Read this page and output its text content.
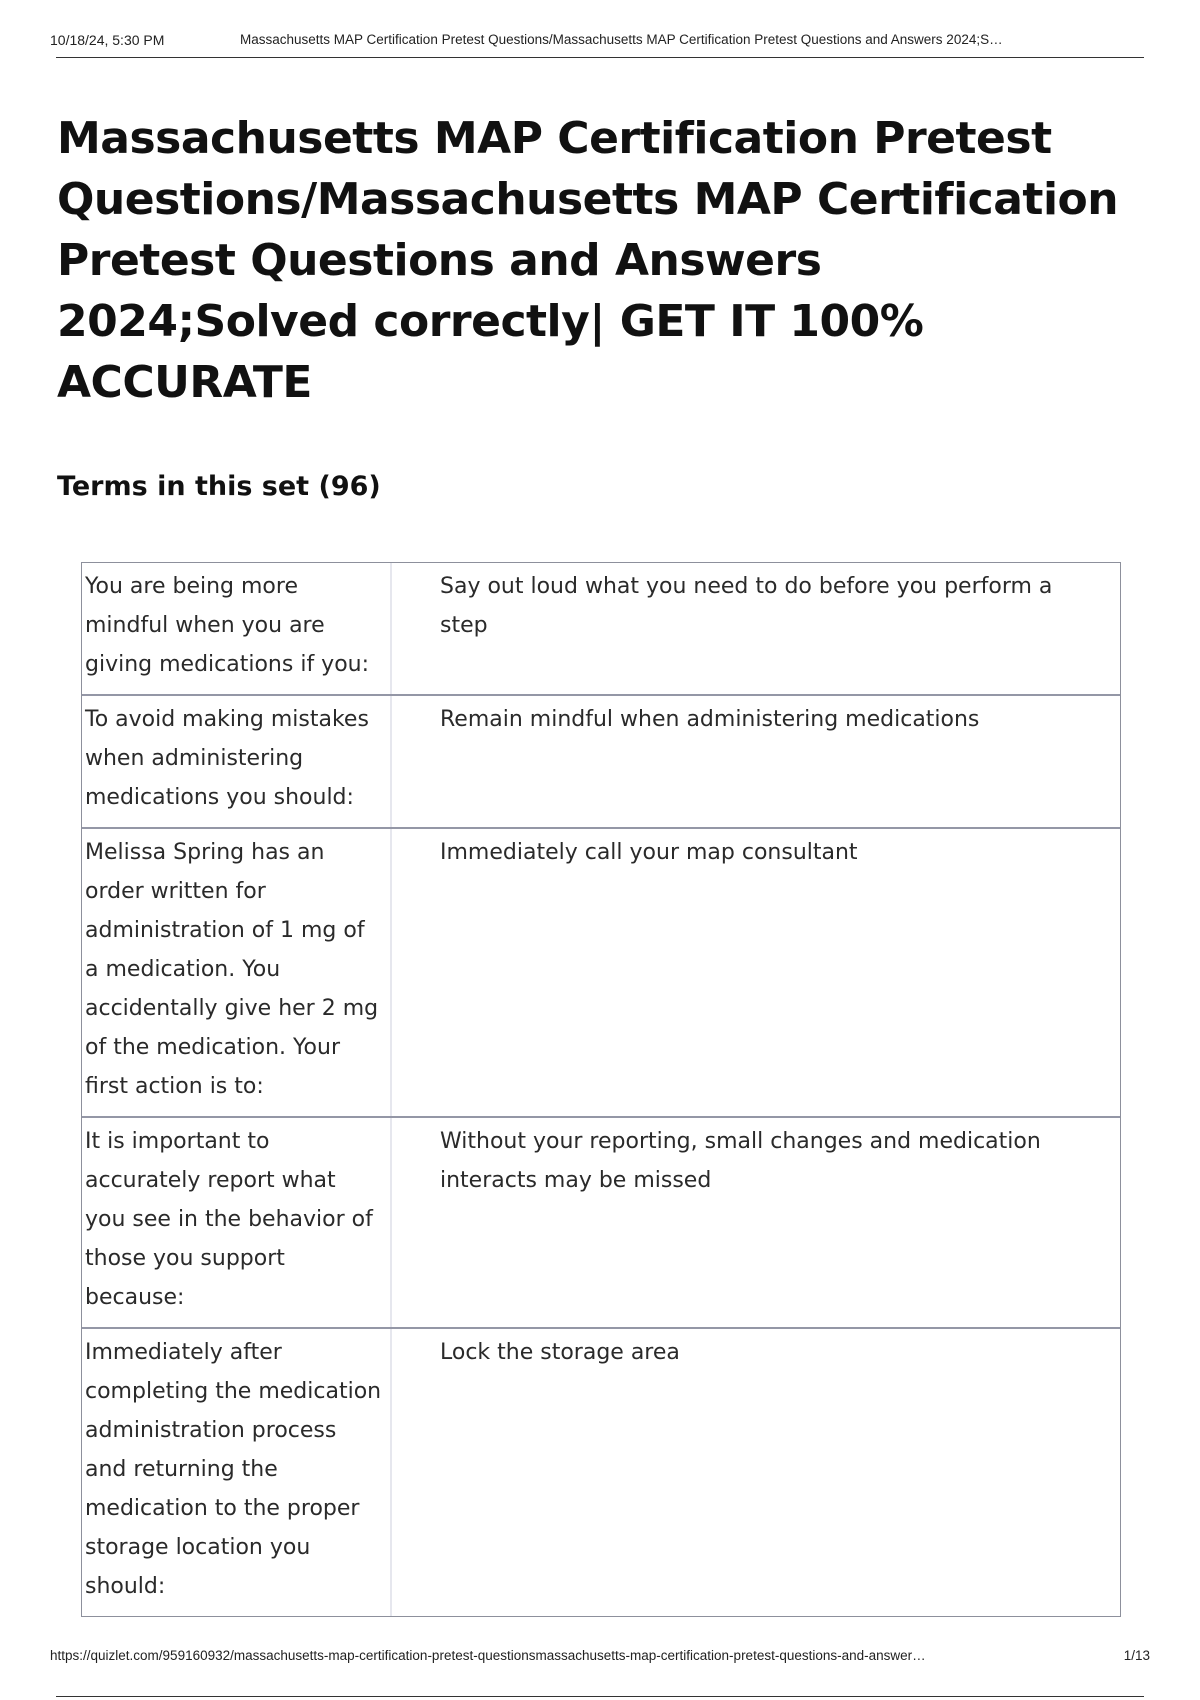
10/18/24, 5:30 PM	Massachusetts MAP Certification Pretest Questions/Massachusetts MAP Certification Pretest Questions and Answers 2024;S…
Massachusetts MAP Certification Pretest Questions/Massachusetts MAP Certification Pretest Questions and Answers 2024;Solved correctly| GET IT 100% ACCURATE
Terms in this set (96)
You are being more mindful when you are giving medications if you:
Say out loud what you need to do before you perform a step
To avoid making mistakes when administering medications you should:
Remain mindful when administering medications
Melissa Spring has an order written for administration of 1 mg of a medication. You accidentally give her 2 mg of the medication. Your first action is to:
Immediately call your map consultant
It is important to accurately report what you see in the behavior of those you support because:
Without your reporting, small changes and medication interacts may be missed
Immediately after completing the medication administration process and returning the medication to the proper storage location you should:
Lock the storage area
https://quizlet.com/959160932/massachusetts-map-certification-pretest-questionsmassachusetts-map-certification-pretest-questions-and-answer…	1/13
